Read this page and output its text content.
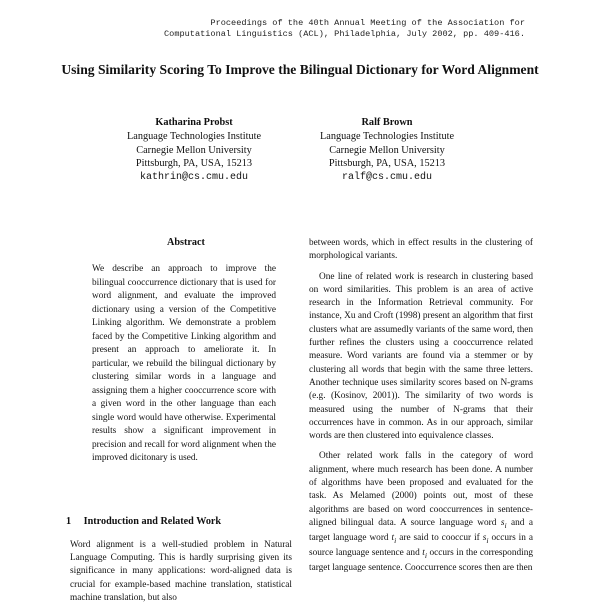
Proceedings of the 40th Annual Meeting of the Association for
Computational Linguistics (ACL), Philadelphia, July 2002, pp. 409-416.
Using Similarity Scoring To Improve the Bilingual Dictionary for Word Alignment
Katharina Probst
Language Technologies Institute
Carnegie Mellon University
Pittsburgh, PA, USA, 15213
kathrin@cs.cmu.edu
Ralf Brown
Language Technologies Institute
Carnegie Mellon University
Pittsburgh, PA, USA, 15213
ralf@cs.cmu.edu
Abstract
We describe an approach to improve the bilingual cooccurrence dictionary that is used for word alignment, and evaluate the improved dictionary using a version of the Competitive Linking algorithm. We demonstrate a problem faced by the Competitive Linking algorithm and present an approach to ameliorate it. In particular, we rebuild the bilingual dictionary by clustering similar words in a language and assigning them a higher cooccurrence score with a given word in the other language than each single word would have otherwise. Experimental results show a significant improvement in precision and recall for word alignment when the improved dicitonary is used.
1 Introduction and Related Work
Word alignment is a well-studied problem in Natural Language Computing. This is hardly surprising given its significance in many applications: word-aligned data is crucial for example-based machine translation, statistical machine translation, but also

between words, which in effect results in the clustering of morphological variants.

One line of related work is research in clustering based on word similarities. This problem is an area of active research in the Information Retrieval community. For instance, Xu and Croft (1998) present an algorithm that first clusters what are assumedly variants of the same word, then further refines the clusters using a cooccurrence related measure. Word variants are found via a stemmer or by clustering all words that begin with the same three letters. Another technique uses similarity scores based on N-grams (e.g. (Kosinov, 2001)). The similarity of two words is measured using the number of N-grams that their occurrences have in common. As in our approach, similar words are then clustered into equivalence classes.

Other related work falls in the category of word alignment, where much research has been done. A number of algorithms have been proposed and evaluated for the task. As Melamed (2000) points out, most of these algorithms are based on word cooccurrences in sentence-aligned bilingual data. A source language word $s_i$ and a target language word $t_i$ are said to cooccur if $s_i$ occurs in a source language sentence and $t_i$ occurs in the corresponding target language sentence. Cooccurrence scores then are then
